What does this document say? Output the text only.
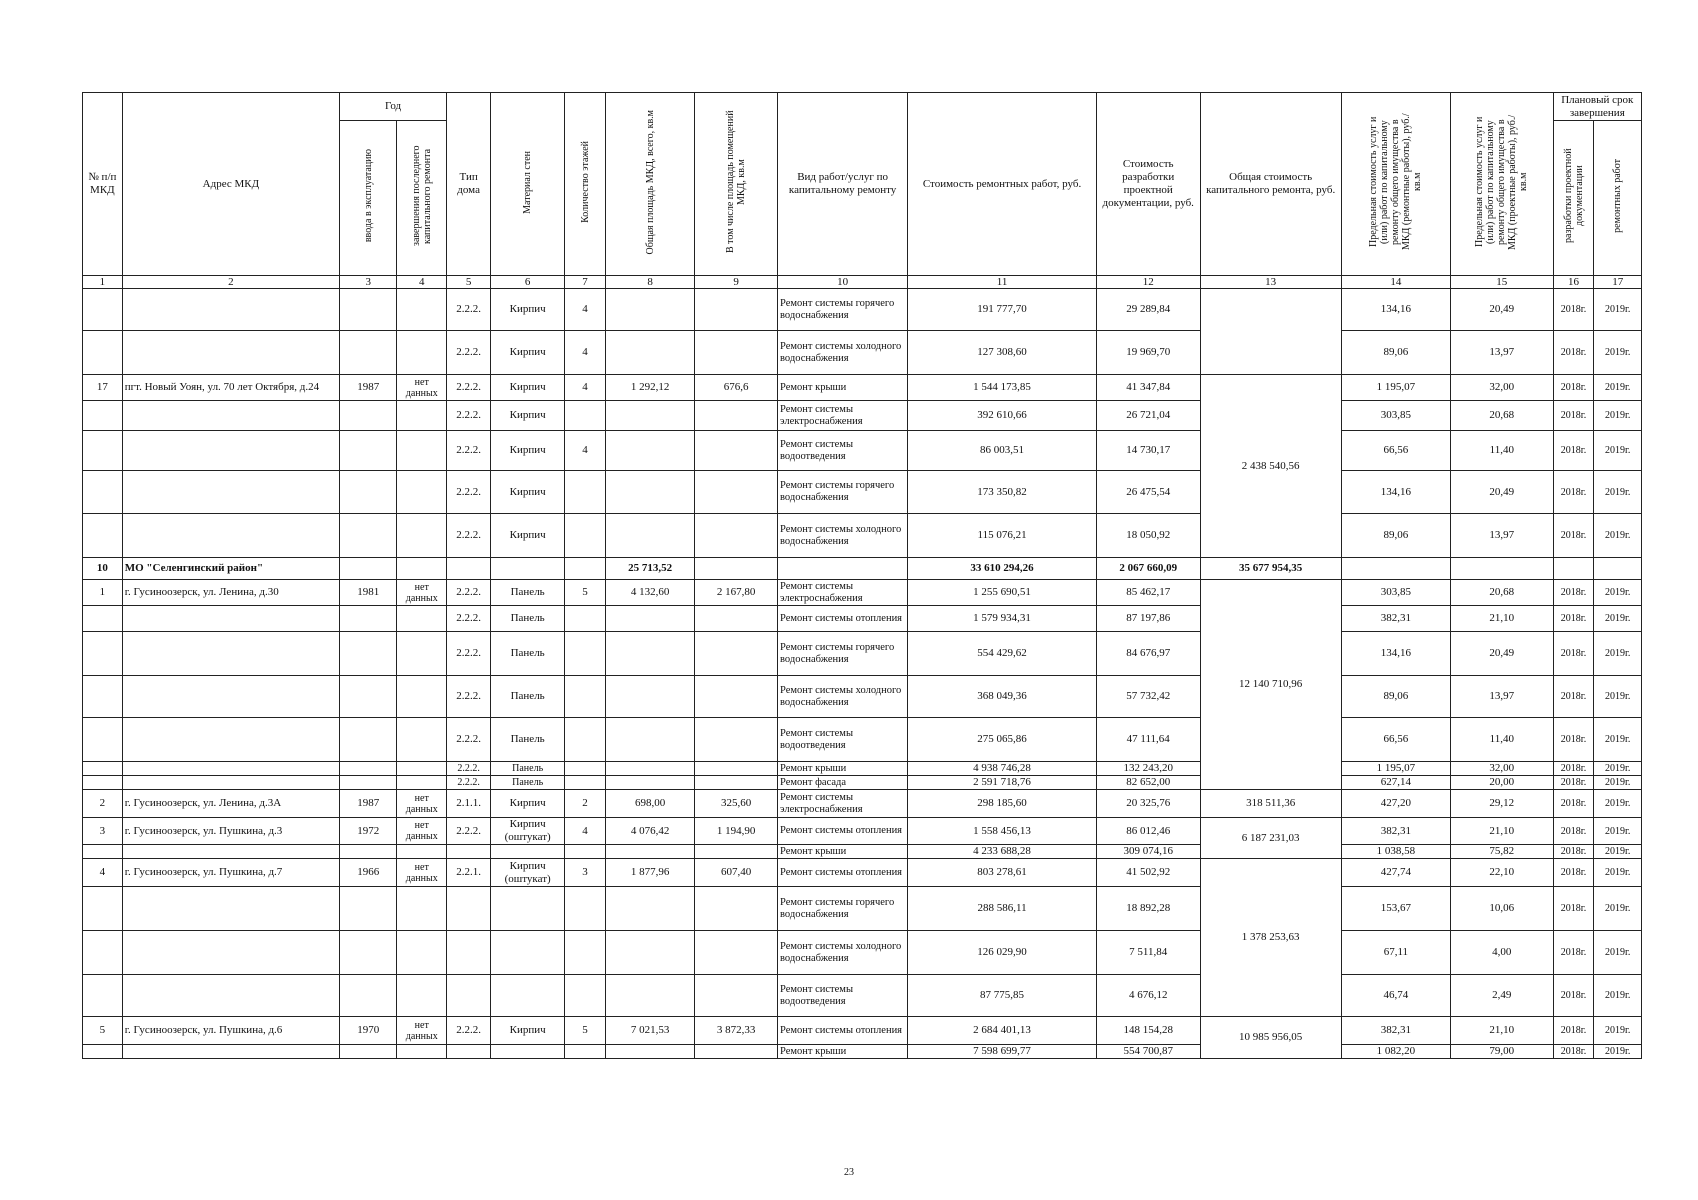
№ п/п МКД	Адрес МКД	Год		Тип дома	Материал стен	Количество этажей	Общая площадь МКД, всего, кв.м	В том числе площадь помещений МКД, кв.м	Вид работ/услуг по капитальному ремонту	Стоимость ремонтных работ, руб.	Стоимость разработки проектной документации, руб.	Общая стоимость капитального ремонта, руб.	Предельная стоимость услуг и (или) работ по капитальному ремонту общего имущества в МКД (ремонтные работы), руб./кв.м	Предельная стоимость услуг и (или) работ по капитальному ремонту общего имущества в МКД (проектные работы), руб./кв.м	Плановый срок завершения	
		ввода в эксплуатацию	завершения последнего капитального ремонта												разработки проектной документации	ремонтных работ
1	2	3	4	5	6	7	8	9	10	11	12	13	14	15	16	17
				2.2.2.	Кирпич	4			Ремонт системы горячего водоснабжения	191 777,70	29 289,84		134,16	20,49	2018г.	2019г.
				2.2.2.	Кирпич	4			Ремонт системы холодного водоснабжения	127 308,60	19 969,70		89,06	13,97	2018г.	2019г.
17	пгт. Новый Уоян, ул. 70 лет Октября, д.24	1987	нет данных	2.2.2.	Кирпич	4	1 292,12	676,6	Ремонт крыши	1 544 173,85	41 347,84	2 438 540,56	1 195,07	32,00	2018г.	2019г.
				2.2.2.	Кирпич				Ремонт системы электроснабжения	392 610,66	26 721,04		303,85	20,68	2018г.	2019г.
				2.2.2.	Кирпич	4			Ремонт системы водоотведения	86 003,51	14 730,17		66,56	11,40	2018г.	2019г.
				2.2.2.	Кирпич				Ремонт системы горячего водоснабжения	173 350,82	26 475,54		134,16	20,49	2018г.	2019г.
				2.2.2.	Кирпич				Ремонт системы холодного водоснабжения	115 076,21	18 050,92		89,06	13,97	2018г.	2019г.
10	МО "Селенгинский район"						25 713,52			33 610 294,26	2 067 660,09	35 677 954,35				
1	г. Гусиноозерск, ул. Ленина, д.30	1981	нет данных	2.2.2.	Панель	5	4 132,60	2 167,80	Ремонт системы электроснабжения	1 255 690,51	85 462,17	12 140 710,96	303,85	20,68	2018г.	2019г.
				2.2.2.	Панель				Ремонт системы отопления	1 579 934,31	87 197,86		382,31	21,10	2018г.	2019г.
				2.2.2.	Панель				Ремонт системы горячего водоснабжения	554 429,62	84 676,97		134,16	20,49	2018г.	2019г.
				2.2.2.	Панель				Ремонт системы холодного водоснабжения	368 049,36	57 732,42		89,06	13,97	2018г.	2019г.
				2.2.2.	Панель				Ремонт системы водоотведения	275 065,86	47 111,64		66,56	11,40	2018г.	2019г.
				2.2.2.	Панель				Ремонт крыши	4 938 746,28	132 243,20		1 195,07	32,00	2018г.	2019г.
				2.2.2.	Панель				Ремонт фасада	2 591 718,76	82 652,00		627,14	20,00	2018г.	2019г.
2	г. Гусиноозерск, ул. Ленина, д.3А	1987	нет данных	2.1.1.	Кирпич	2	698,00	325,60	Ремонт системы электроснабжения	298 185,60	20 325,76	318 511,36	427,20	29,12	2018г.	2019г.
3	г. Гусиноозерск, ул. Пушкина, д.3	1972	нет данных	2.2.2.	Кирпич (оштукат)	4	4 076,42	1 194,90	Ремонт системы отопления	1 558 456,13	86 012,46	6 187 231,03	382,31	21,10	2018г.	2019г.
									Ремонт крыши	4 233 688,28	309 074,16		1 038,58	75,82	2018г.	2019г.
4	г. Гусиноозерск, ул. Пушкина, д.7	1966	нет данных	2.2.1.	Кирпич (оштукат)	3	1 877,96	607,40	Ремонт системы отопления	803 278,61	41 502,92	1 378 253,63	427,74	22,10	2018г.	2019г.
									Ремонт системы горячего водоснабжения	288 586,11	18 892,28		153,67	10,06	2018г.	2019г.
									Ремонт системы холодного водоснабжения	126 029,90	7 511,84		67,11	4,00	2018г.	2019г.
									Ремонт системы водоотведения	87 775,85	4 676,12		46,74	2,49	2018г.	2019г.
5	г. Гусиноозерск, ул. Пушкина, д.6	1970	нет данных	2.2.2.	Кирпич	5	7 021,53	3 872,33	Ремонт системы отопления	2 684 401,13	148 154,28	10 985 956,05	382,31	21,10	2018г.	2019г.
									Ремонт крыши	7 598 699,77	554 700,87		1 082,20	79,00	2018г.	2019г.
23
